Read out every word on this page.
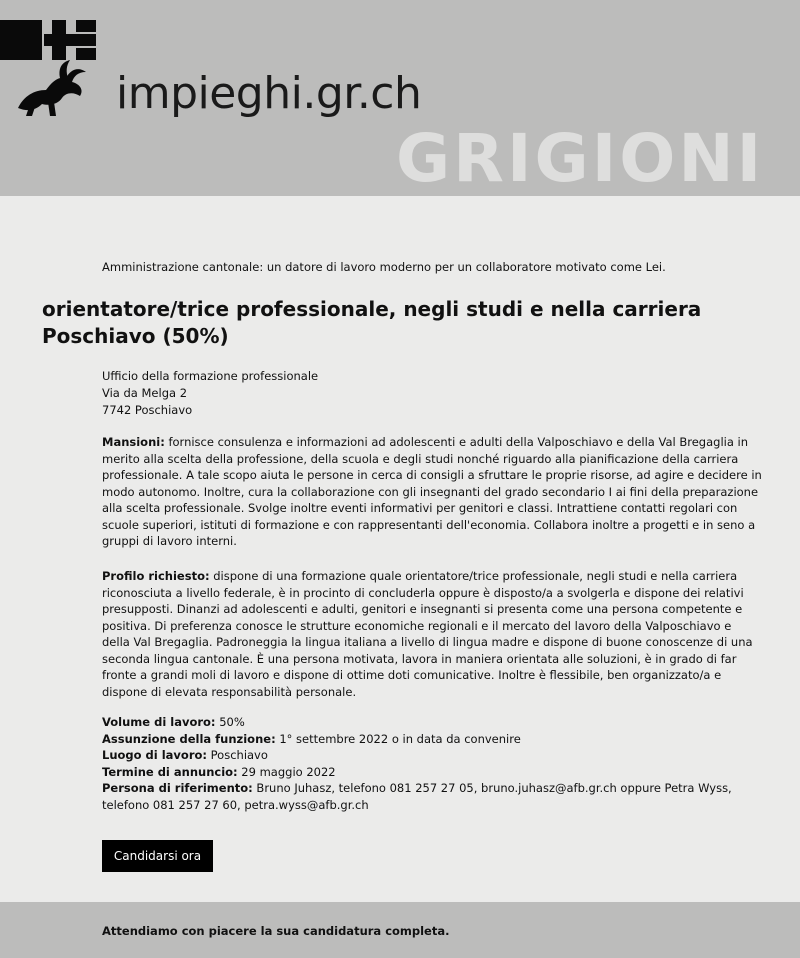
impieghi.gr.ch
GRIGIONI
Amministrazione cantonale: un datore di lavoro moderno per un collaboratore motivato come Lei.
orientatore/trice professionale, negli studi e nella carriera
Poschiavo (50%)
Ufficio della formazione professionale
Via da Melga 2
7742 Poschiavo

Mansioni: fornisce consulenza e informazioni ad adolescenti e adulti della Valposchiavo e della Val Bregaglia in merito alla scelta della professione, della scuola e degli studi nonché riguardo alla pianificazione della carriera professionale. A tale scopo aiuta le persone in cerca di consigli a sfruttare le proprie risorse, ad agire e decidere in modo autonomo. Inoltre, cura la collaborazione con gli insegnanti del grado secondario I ai fini della preparazione alla scelta professionale. Svolge inoltre eventi informativi per genitori e classi. Intrattiene contatti regolari con scuole superiori, istituti di formazione e con rappresentanti dell'economia. Collabora inoltre a progetti e in seno a gruppi di lavoro interni.

Profilo richiesto: dispone di una formazione quale orientatore/trice professionale, negli studi e nella carriera riconosciuta a livello federale, è in procinto di concluderla oppure è disposto/a a svolgerla e dispone dei relativi presupposti. Dinanzi ad adolescenti e adulti, genitori e insegnanti si presenta come una persona competente e positiva. Di preferenza conosce le strutture economiche regionali e il mercato del lavoro della Valposchiavo e della Val Bregaglia. Padroneggia la lingua italiana a livello di lingua madre e dispone di buone conoscenze di una seconda lingua cantonale. È una persona motivata, lavora in maniera orientata alle soluzioni, è in grado di far fronte a grandi moli di lavoro e dispone di ottime doti comunicative. Inoltre è flessibile, ben organizzato/a e dispone di elevata responsabilità personale.

Volume di lavoro: 50%
Assunzione della funzione: 1° settembre 2022 o in data da convenire
Luogo di lavoro: Poschiavo
Termine di annuncio: 29 maggio 2022
Persona di riferimento: Bruno Juhasz, telefono 081 257 27 05, bruno.juhasz@afb.gr.ch oppure Petra Wyss, telefono 081 257 27 60, petra.wyss@afb.gr.ch
Candidarsi ora
Attendiamo con piacere la sua candidatura completa.
